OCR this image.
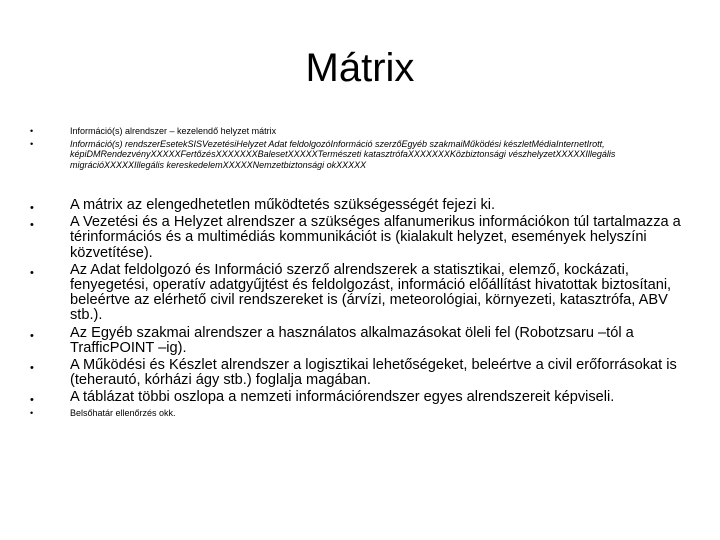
Mátrix
•	Információ(s) alrendszer – kezelendő helyzet mátrix
•	Információ(s) rendszerEsetekSISVezetésiHelyzet Adat feldolgozóInformáció szerzőEgyéb szakmaiMűködési készletMédiaInternetIrott, képiDMRendezvényXXXXXFertőzésXXXXXXXBalesetXXXXXTermészeti katasztrófaXXXXXXXKözbiztonsági vészhelyzetXXXXXIllegális migrációXXXXXIllegális kereskedelemXXXXXNemzetbiztonsági okXXXXX
• A mátrix az elengedhetetlen működtetés szükségességét fejezi ki.
• A Vezetési és a Helyzet alrendszer a szükséges alfanumerikus információkon túl tartalmazza a térinformációs és a multimédiás kommunikációt is (kialakult helyzet, események helyszíni közvetítése).
• Az Adat feldolgozó és Információ szerző alrendszerek a statisztikai, elemző, kockázati, fenyegetési, operatív adatgyűjtést és feldolgozást, információ előállítást hivatottak biztosítani, beleértve az elérhető civil rendszereket is (árvízi, meteorológiai, környezeti, katasztrófa, ABV stb.).
• Az Egyéb szakmai alrendszer a használatos alkalmazásokat öleli fel (Robotzsaru –tól a TrafficPOINT –ig).
• A Működési és Készlet alrendszer a logisztikai lehetőségeket, beleértve a civil erőforrásokat is (teherautó, kórházi ágy stb.) foglalja magában.
• A táblázat többi oszlopa a nemzeti információrendszer egyes alrendszereit képviseli.
•	Belsőhatár ellenőrzés okk.
